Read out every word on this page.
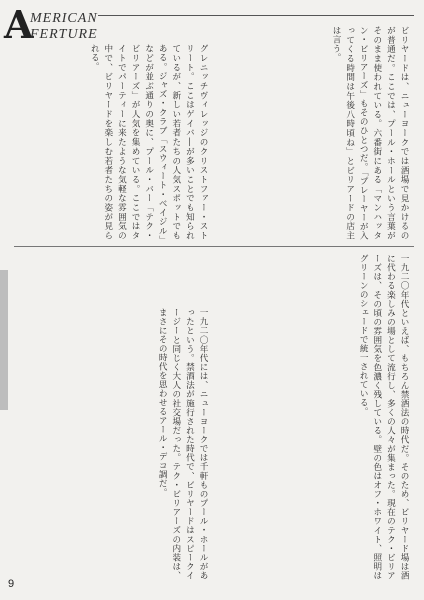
A
MERICAN
FERTURE
グレニッチヴィレッジのクリストファー・ストリート。ここはゲイバ―が多いことでも知られているが、新しい若者たちの人気スポットでもある。ジャズ・クラブ「スウィート・ベイジル」などが並ぶ通りの奥に、プール・バー「テク・ビリアーズ」が人気を集めている。ここではタイトでパーティーに来たような気軽な雰囲気の中で、ビリヤードを楽しむ若者たちの姿が見られる。	ビリヤードは、ニューヨークでは酒場で見かけるのが普通だ。ここでは、プール・ホールという言葉がそのまま使われている。六番街にある「マンハッタン・ビリアーズ」もそのひとつだ。「プレーヤーが入ってくる時間は午後八時頃ね」とビリアードの店主は言う。
一九二〇年代には、ニューヨークでは千軒ものプール・ホールがあったという。禁酒法が施行された時代で、ビリヤードはスピークイージーと同じく大人の社交場だった。テク・ビリアーズの内装は、まさにその時代を思わせるアール・デコ調だ。	一九二〇年代といえば、もちろん禁酒法の時代だ。そのため、ビリヤード場は酒に代わる楽しみの場として流行し、多くの人々が集まった。現在のテク・ビリアーズは、その頃の雰囲気を色濃く残している。壁の色はオフ・ホワイト、照明はグリーンのシェードで統一されている。
9
